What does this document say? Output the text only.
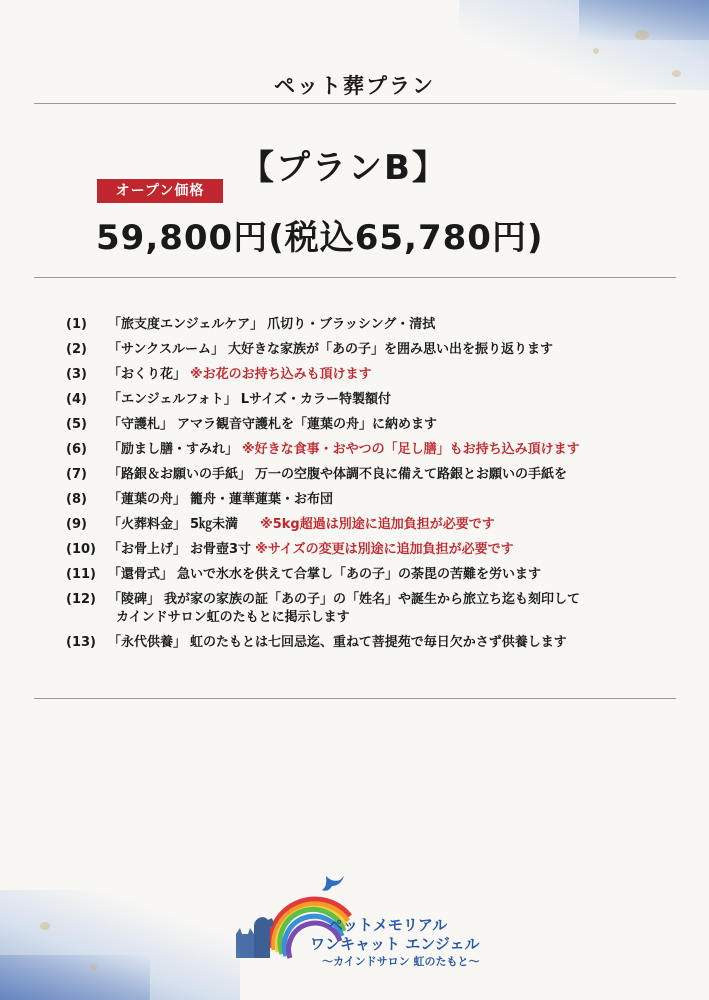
ペット葬プラン
【プランB】
オープン価格
59,800円(税込65,780円)
(1)	「旅支度エンジェルケア」 爪切り・ブラッシング・清拭
(2)	「サンクスルーム」 大好きな家族が「あの子」を囲み思い出を振り返ります
(3)	「おくり花」 ※お花のお持ち込みも頂けます
(4)	「エンジェルフォト」 Lサイズ・カラー特製額付
(5)	「守護札」 アマラ観音守護札を「蓮葉の舟」に納めます
(6)	「励まし膳・すみれ」 ※好きな食事・おやつの「足し膳」もお持ち込み頂けます
(7)	「路銀＆お願いの手紙」 万一の空腹や体調不良に備えて路銀とお願いの手紙を
(8)	「蓮葉の舟」 籠舟・蓮華蓮葉・お布団
(9)	「火葬料金」 5㎏未満 ※5kg超過は別途に追加負担が必要です
(10) 「お骨上げ」 お骨壺3寸 ※サイズの変更は別途に追加負担が必要です
(11) 「還骨式」 急いで氷水を供えて合掌し「あの子」の荼毘の苦難を労います
(12) 「陵碑」 我が家の家族の証「あの子」の「姓名」や誕生から旅立ち迄も刻印して
カインドサロン虹のたもとに掲示します
(13) 「永代供養」 虹のたもとは七回忌迄、重ねて菩提苑で毎日欠かさず供養します
ペットメモリアル
ワンキャット エンジェル
〜カインドサロン 虹のたもと〜
